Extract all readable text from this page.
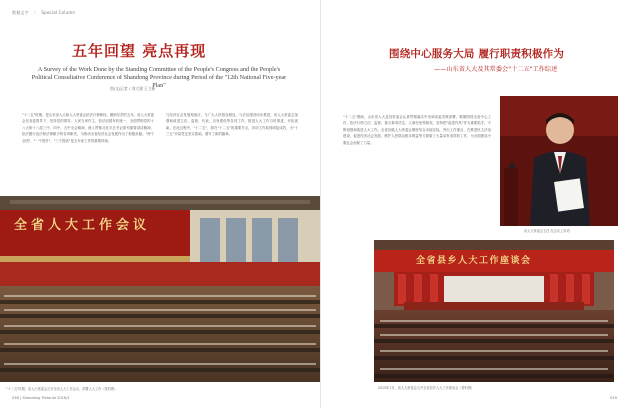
数据文字 | Special Column
五年回望 亮点再现
A Survey of the Work Done by the Standing Committee of the People's Congress and the People's Political Consultative Conference of Shandong Province during Period of the "12th National Five-year Plan"
图/文/记者 / 刘大建 王立新
"十二五"时期，是山东省人大和人大常委会依法行使职权、履职尽责的五年。省人大常委会在省委领导下，坚持党的领导、人民当家作主、依法治国有机统一，全面贯彻党的十八大和十八届三中、四中、五中全会精神，深入贯彻习近平总书记系列重要讲话精神，依法履行宪法和法律赋予的各项职责，为推动全省经济社会发展作出了积极贡献。"两个全国"，"一个提升"，"三个提高"是五年来工作的重要体现。
与经济社会发展相适应，与广大人民群众相连，与法治建设同步推进，省人大常委会加强和改进立法、监督、代表、自身建设等各项工作，推进人大工作与时俱进、开拓创新。在此过程中，"十二五"，即在"十二五"的重要节点，各项工作取得明显成效，为"十三五"开局奠定坚实基础，谱写了新的篇章。
全省人大工作会议
"十二五"时期，省人大常委会召开全省人大工作会议，部署人大工作（资料图）
038 | Shandong Pictorial 2016/1
围绕中心服务大局 履行职责积极作为
——山东省人大及其常委会"十二五"工作综述
"十二五"期间，山东省人大及其常委会认真贯彻落实中央和省委决策部署，紧紧围绕全省中心工作，依法行使立法、监督、重大事项决定、人事任免等职权，坚持把"改进作风"作为重要抓手，不断加强和改进人大工作。全省各级人大常委会紧密结合本地实际，突出工作重点，在推进民主法治建设、促进经济社会发展、维护人民群众根本利益等方面做了大量卓有成效的工作，为全面建成小康社会贡献了力量。
省人大常委会主任 在会议上讲话
全省县乡人大工作座谈会
2015年7月，省人大常委会召开全省县乡人大工作座谈会（资料图）
039
